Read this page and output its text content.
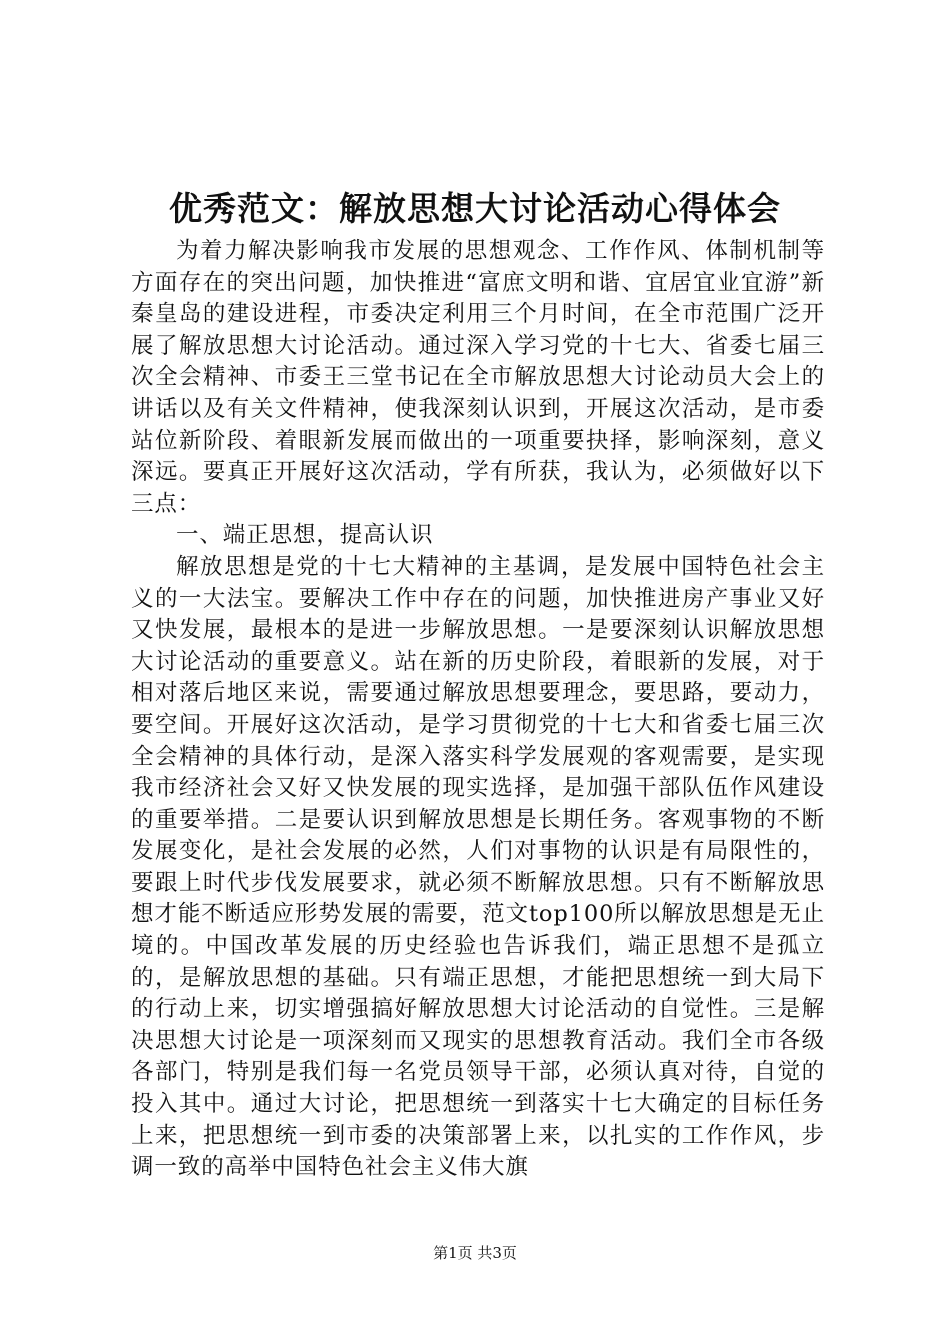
优秀范文：解放思想大讨论活动心得体会

为着力解决影响我市发展的思想观念、工作作风、体制机制等方面存在的突出问题，加快推进“富庶文明和谐、宜居宜业宜游”新秦皇岛的建设进程，市委决定利用三个月时间，在全市范围广泛开展了解放思想大讨论活动。通过深入学习党的十七大、省委七届三次全会精神、市委王三堂书记在全市解放思想大讨论动员大会上的讲话以及有关文件精神，使我深刻认识到，开展这次活动，是市委站位新阶段、着眼新发展而做出的一项重要抉择，影响深刻，意义深远。要真正开展好这次活动，学有所获，我认为，必须做好以下三点：

一、端正思想，提高认识

解放思想是党的十七大精神的主基调，是发展中国特色社会主义的一大法宝。要解决工作中存在的问题，加快推进房产事业又好又快发展，最根本的是进一步解放思想。一是要深刻认识解放思想大讨论活动的重要意义。站在新的历史阶段，着眼新的发展，对于相对落后地区来说，需要通过解放思想要理念，要思路，要动力，要空间。开展好这次活动，是学习贯彻党的十七大和省委七届三次全会精神的具体行动，是深入落实科学发展观的客观需要，是实现我市经济社会又好又快发展的现实选择，是加强干部队伍作风建设的重要举措。二是要认识到解放思想是长期任务。客观事物的不断发展变化，是社会发展的必然，人们对事物的认识是有局限性的，要跟上时代步伐发展要求，就必须不断解放思想。只有不断解放思想才能不断适应形势发展的需要，范文top100所以解放思想是无止境的。中国改革发展的历史经验也告诉我们，端正思想不是孤立的，是解放思想的基础。只有端正思想，才能把思想统一到大局下的行动上来，切实增强搞好解放思想大讨论活动的自觉性。三是解决思想大讨论是一项深刻而又现实的思想教育活动。我们全市各级各部门，特别是我们每一名党员领导干部，必须认真对待，自觉的投入其中。通过大讨论，把思想统一到落实十七大确定的目标任务上来，把思想统一到市委的决策部署上来，以扎实的工作作风，步调一致的高举中国特色社会主义伟大旗

第1页 共3页
